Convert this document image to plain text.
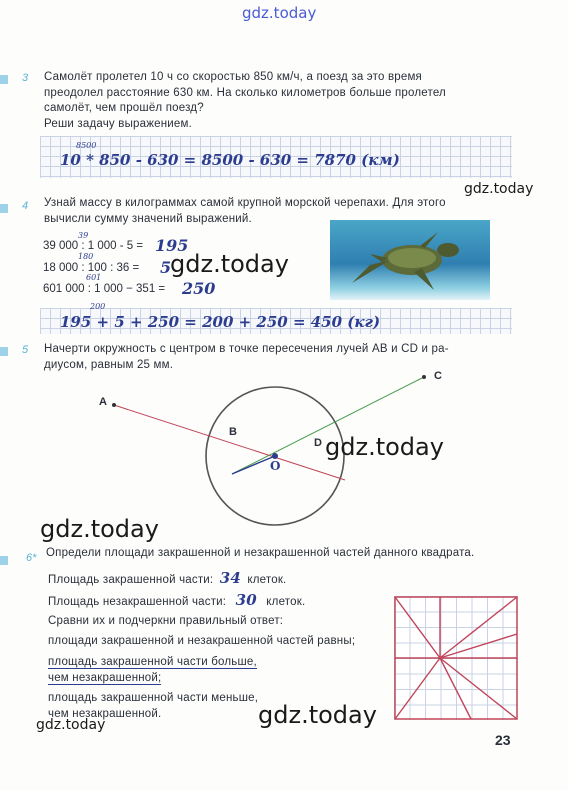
gdz.today
3 Самолёт пролетел 10 ч со скоростью 850 км/ч, а поезд за это время
преодолел расстояние 630 км. На сколько километров больше пролетел
самолёт, чем прошёл поезд?
Реши задачу выражением.
8500
10 * 850 - 630 = 8500 - 630 = 7870 (км)
gdz.today
4 Узнай массу в килограммах самой крупной морской черепахи. Для этого
вычисли сумму значений выражений.
39
39 000 : 1 000 - 5 = 195
180
18 000 : 100 : 36 = 5
601
601 000 : 1 000 − 351 = 250
gdz.today
200
195 + 5 + 250 = 200 + 250 = 450 (кг)
5 Начерти окружность с центром в точке пересечения лучей АВ и CD и ра-
диусом, равным 25 мм.
A
B
C
D
O
gdz.today
gdz.today
6* Определи площади закрашенной и незакрашенной частей данного квадрата.
Площадь закрашенной части: 34 клеток.
Площадь незакрашенной части: 30 клеток.
Сравни их и подчеркни правильный ответ:
площади закрашенной и незакрашенной частей равны;
площадь закрашенной части больше,
чем незакрашенной;
площадь закрашенной части меньше,
чем незакрашенной.	gdz.today
gdz.today
23
